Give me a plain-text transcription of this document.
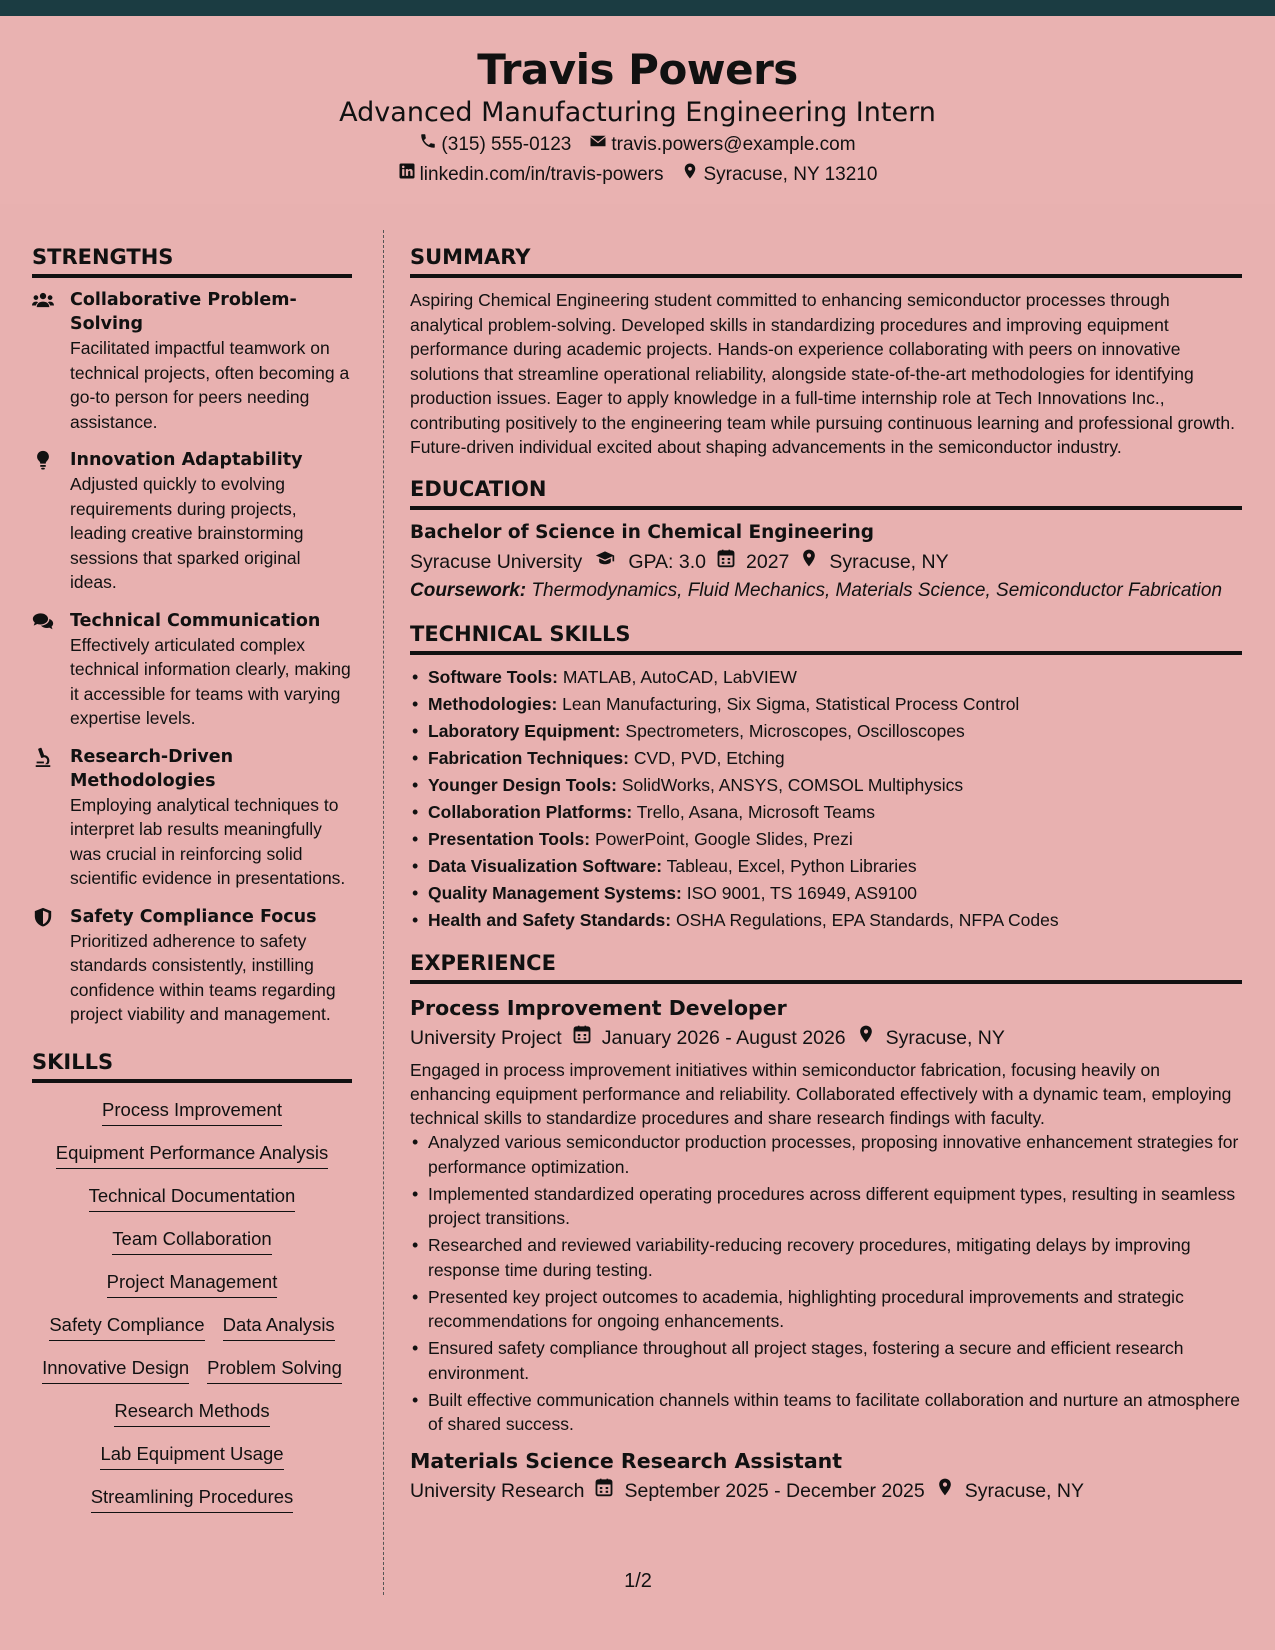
Travis Powers
Advanced Manufacturing Engineering Intern
(315) 555-0123 travis.powers@example.com
linkedin.com/in/travis-powers Syracuse, NY 13210
STRENGTHS
Collaborative Problem-Solving
Facilitated impactful teamwork on technical projects, often becoming a go-to person for peers needing assistance.
Innovation Adaptability
Adjusted quickly to evolving requirements during projects, leading creative brainstorming sessions that sparked original ideas.
Technical Communication
Effectively articulated complex technical information clearly, making it accessible for teams with varying expertise levels.
Research-Driven Methodologies
Employing analytical techniques to interpret lab results meaningfully was crucial in reinforcing solid scientific evidence in presentations.
Safety Compliance Focus
Prioritized adherence to safety standards consistently, instilling confidence within teams regarding project viability and management.
SKILLS
Process Improvement
Equipment Performance Analysis
Technical Documentation
Team Collaboration
Project Management
Safety Compliance Data Analysis
Innovative Design Problem Solving
Research Methods
Lab Equipment Usage
Streamlining Procedures
SUMMARY

Aspiring Chemical Engineering student committed to enhancing semiconductor processes through analytical problem-solving. Developed skills in standardizing procedures and improving equipment performance during academic projects. Hands-on experience collaborating with peers on innovative solutions that streamline operational reliability, alongside state-of-the-art methodologies for identifying production issues. Eager to apply knowledge in a full-time internship role at Tech Innovations Inc., contributing positively to the engineering team while pursuing continuous learning and professional growth. Future-driven individual excited about shaping advancements in the semiconductor industry.

EDUCATION
Bachelor of Science in Chemical Engineering
Syracuse University GPA: 3.0 2027 Syracuse, NY
Coursework: Thermodynamics, Fluid Mechanics, Materials Science, Semiconductor Fabrication
TECHNICAL SKILLS
• Software Tools: MATLAB, AutoCAD, LabVIEW
• Methodologies: Lean Manufacturing, Six Sigma, Statistical Process Control
• Laboratory Equipment: Spectrometers, Microscopes, Oscilloscopes
• Fabrication Techniques: CVD, PVD, Etching
• Younger Design Tools: SolidWorks, ANSYS, COMSOL Multiphysics
• Collaboration Platforms: Trello, Asana, Microsoft Teams
• Presentation Tools: PowerPoint, Google Slides, Prezi
• Data Visualization Software: Tableau, Excel, Python Libraries
• Quality Management Systems: ISO 9001, TS 16949, AS9100
• Health and Safety Standards: OSHA Regulations, EPA Standards, NFPA Codes
EXPERIENCE
Process Improvement Developer
University Project January 2026 - August 2026 Syracuse, NY

Engaged in process improvement initiatives within semiconductor fabrication, focusing heavily on enhancing equipment performance and reliability. Collaborated effectively with a dynamic team, employing technical skills to standardize procedures and share research findings with faculty.

• Analyzed various semiconductor production processes, proposing innovative enhancement strategies for performance optimization.
• Implemented standardized operating procedures across different equipment types, resulting in seamless project transitions.
• Researched and reviewed variability-reducing recovery procedures, mitigating delays by improving response time during testing.
• Presented key project outcomes to academia, highlighting procedural improvements and strategic recommendations for ongoing enhancements.
• Ensured safety compliance throughout all project stages, fostering a secure and efficient research environment.
• Built effective communication channels within teams to facilitate collaboration and nurture an atmosphere of shared success.
Materials Science Research Assistant
University Research September 2025 - December 2025 Syracuse, NY
1/2
